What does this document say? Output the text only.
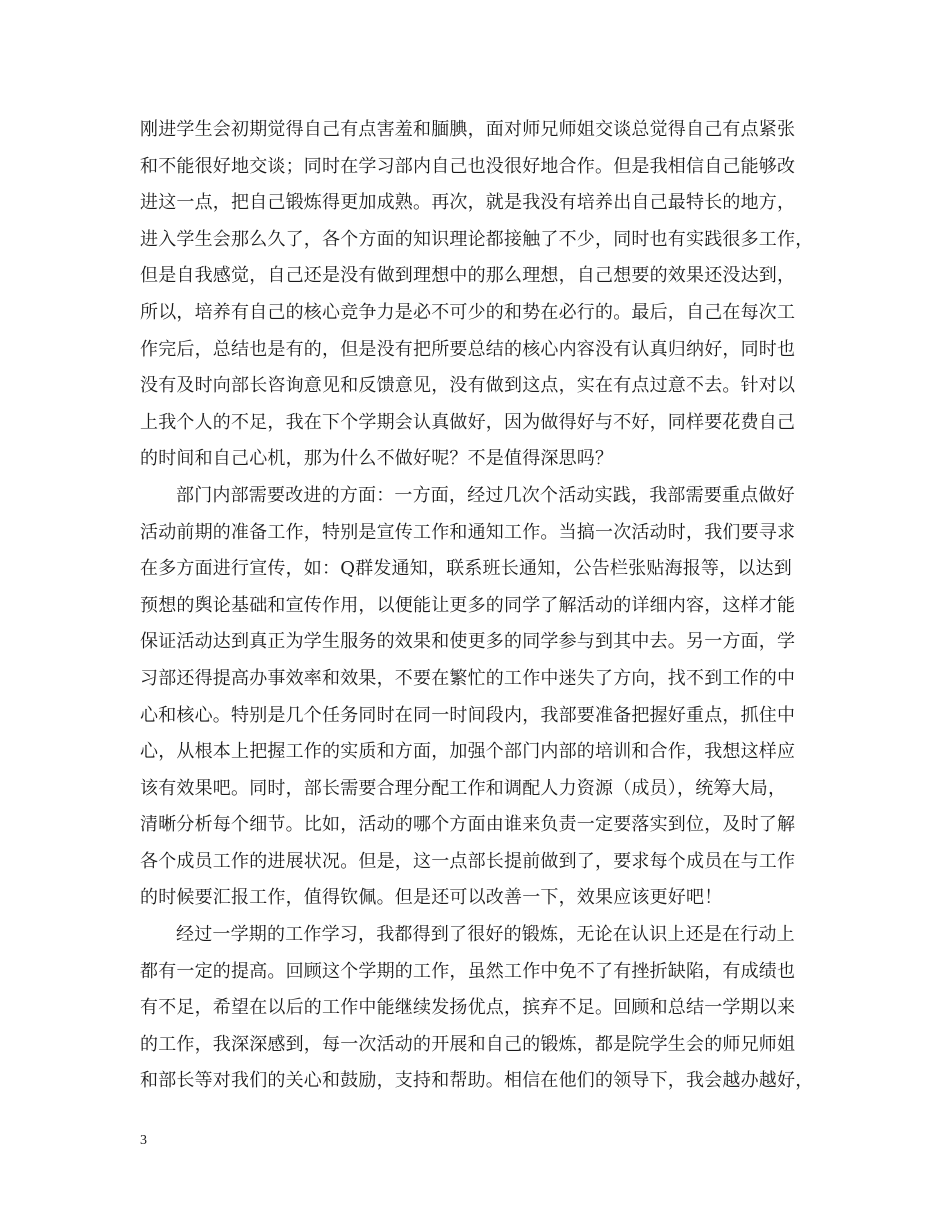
刚进学生会初期觉得自己有点害羞和腼腆，面对师兄师姐交谈总觉得自己有点紧张
和不能很好地交谈；同时在学习部内自己也没很好地合作。但是我相信自己能够改
进这一点，把自己锻炼得更加成熟。再次，就是我没有培养出自己最特长的地方，
进入学生会那么久了，各个方面的知识理论都接触了不少，同时也有实践很多工作，
但是自我感觉，自己还是没有做到理想中的那么理想，自己想要的效果还没达到，
所以，培养有自己的核心竞争力是必不可少的和势在必行的。最后，自己在每次工
作完后，总结也是有的，但是没有把所要总结的核心内容没有认真归纳好，同时也
没有及时向部长咨询意见和反馈意见，没有做到这点，实在有点过意不去。针对以
上我个人的不足，我在下个学期会认真做好，因为做得好与不好，同样要花费自己
的时间和自己心机，那为什么不做好呢？不是值得深思吗？
部门内部需要改进的方面：一方面，经过几次个活动实践，我部需要重点做好
活动前期的准备工作，特别是宣传工作和通知工作。当搞一次活动时，我们要寻求
在多方面进行宣传，如：Q群发通知，联系班长通知，公告栏张贴海报等，以达到
预想的舆论基础和宣传作用，以便能让更多的同学了解活动的详细内容，这样才能
保证活动达到真正为学生服务的效果和使更多的同学参与到其中去。另一方面，学
习部还得提高办事效率和效果，不要在繁忙的工作中迷失了方向，找不到工作的中
心和核心。特别是几个任务同时在同一时间段内，我部要准备把握好重点，抓住中
心，从根本上把握工作的实质和方面，加强个部门内部的培训和合作，我想这样应
该有效果吧。同时，部长需要合理分配工作和调配人力资源（成员），统筹大局，
清晰分析每个细节。比如，活动的哪个方面由谁来负责一定要落实到位，及时了解
各个成员工作的进展状况。但是，这一点部长提前做到了，要求每个成员在与工作
的时候要汇报工作，值得钦佩。但是还可以改善一下，效果应该更好吧！
经过一学期的工作学习，我都得到了很好的锻炼，无论在认识上还是在行动上
都有一定的提高。回顾这个学期的工作，虽然工作中免不了有挫折缺陷，有成绩也
有不足，希望在以后的工作中能继续发扬优点，摈弃不足。回顾和总结一学期以来
的工作，我深深感到，每一次活动的开展和自己的锻炼，都是院学生会的师兄师姐
和部长等对我们的关心和鼓励，支持和帮助。相信在他们的领导下，我会越办越好，
3
